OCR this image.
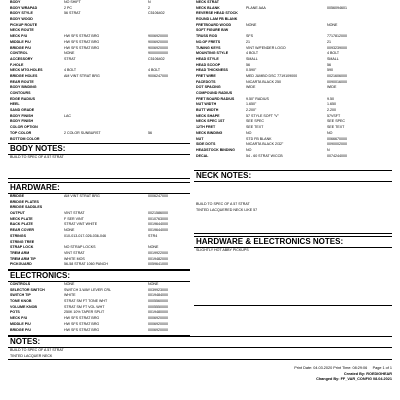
BODY	NO SHIFT	N
BODY WRAPAD	2 PC	2
BODY STYLE	56 STRAT	C5106402
BODY WOOD
PICKUP ROUTE
NECK ROUTE
NECK P/U	HW SFS STRAT BRG	9006920000
MIDDLE P/U	HW SFS STRAT BRG	9006920000
BRIDGE P/U	HW SFS STRAT BRG	9006920000
CONTROL	NONE	9000000000
ACCESSORY	STRAT	C5106402
F-HOLE
NECK MTG.HOLES	4 BOLT	4 BOLT
BRIDGE HOLES	AM VINT STRAT BRG	9006247000
REAR ROUTE
BODY BINDING
CONTOURS
EDGE RADIUS
HEEL
SAND GRADE
BODY FINISH	LAC
BODY FINISH
COLOR OPTION
TOP COLOR	2 COLOR SUNBURST	56
BOTTOM COLOR
NECK STRAT
NECK BLANK	PLANE AAA	0056094601
REVERSE HEAD STOCK
ROUND LAM FB BLANK
FRETBOARD WOOD	NONE	NONE
SOFT FIGURE B/W
TRUSS ROD	SFS	7717812000
NO.OF FRETS	21	21
TUNING KEYS	VINT W/FENDER LOGO	0093239000
MOUNTING STYLE	4 BOLT	4 BOLT
HEAD STYLE	SMALL	SMALL
HEAD SCOOP	56	56
HEAD THICKNESS	0.590"	590
FRET WIRE	MED JUMBO DSC 7719109000	0021606000
FACEDOTS	NICARTA BLACK 250	0090016000
DOT SPACING	WIDE	WIDE
COMPOUND RADIUS
FRET BOARD RADIUS	9.50" RADIUS	9.50
NUT WIDTH	1.650"	1.650
BUTT WIDTH	2.200"	2.200
NECK SHAPE	57 STYLE SOFT "V"	57VSFT
NECK SPEC 1ST	SEE SPEC	SEE SPEC
12TH FRET	SEE TEXT	SEE TEXT
NECK BINDING	NO	NO
NUT	STD FB BLANK	0066670000
SIDE DOTS	NICARTA BLACK 2/32"	0090002000
HEADSTOCK BINDING	NO	N
DECAL	54 - 60 STRAT W/CCB	0074244000
BODY NOTES:
BUILD TO SPEC OF A 57 STRAT
NECK NOTES:
BUILD TO SPEC OF A 57 STRAT
TINTED LACQUERED NECK LIKE 57
HARDWARE:
BRIDGE	AM VINT STRAT BRG	0006247000
BRIDGE PLATES
BRIDGE SADDLES
OUTPUT	VINT STRAT	0021586000
NECK PLATE	F SER VINT	0010763000
BACK PLATE	STRAT VINT WHITE	0019644000
REAR COVER	NONE	0019644000
STRINGS	010-013-017-026-036-046	STR4
STRING TREE
STRAP LOCK	NO STRAP LOCKS	NONE
TREM ARM	VINT STRAT	0019922000
TREM ARM TIP	WHITE MOS	0019482000
PICKGUARD	56-58 STRAT 1060 PANCH	0059641000
HARDWARE & ELECTRONICS NOTES:
SLIGHTLY HOT ABBY PICKUPS
ELECTRONICS:
CONTROLS	NONE	NONE
SELECTOR SWITCH	SWITCH 3-WAY LEVER CRL	0039923000
SWITCH TIP	WHITE	0019484000
TONE KNOB	STRAT SM FT TONE WHT	0005560000
VOLUME KNOB	STRAT SM FT VOL WHT	0005550000
POTS	250K 10% TAPER SPLIT	0019480000
NECK P/U	HW SFS STRAT BRG	0006920000
MIDDLE P/U	HW SFS STRAT BRG	0006920000
BRIDGE P/U	HW SFS STRAT BRG	0006920000
NOTES:
BUILD TO SPEC OF A 57 STRAT
TINTED LACQUER NECK
Print Date: 04.03.2020 Print Time: 08:29:06 Page 1 of 1
Created By: ROEDIGHEAR
Changed By: FF_VAR_CONFIG 08.04.2021
